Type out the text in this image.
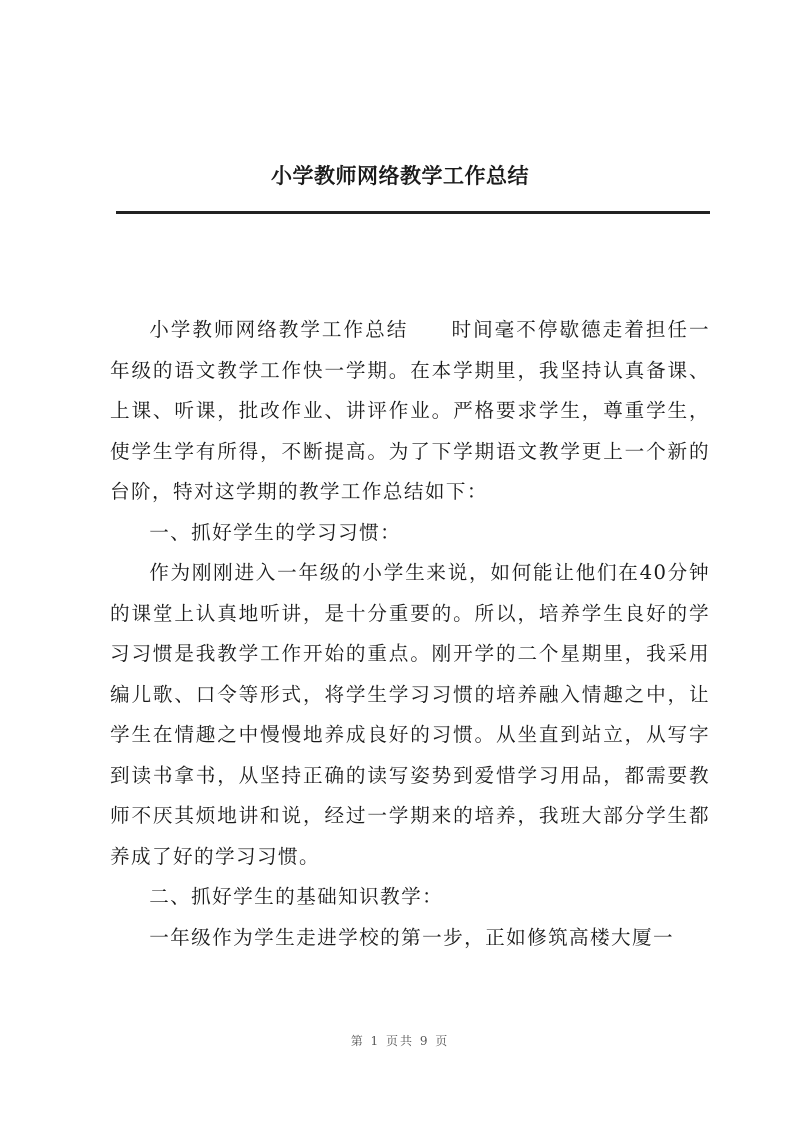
小学教师网络教学工作总结

小学教师网络教学工作总结　　时间毫不停歇德走着担任一年级的语文教学工作快一学期。在本学期里，我坚持认真备课、上课、听课，批改作业、讲评作业。严格要求学生，尊重学生，使学生学有所得，不断提高。为了下学期语文教学更上一个新的台阶，特对这学期的教学工作总结如下：

一、抓好学生的学习习惯：

作为刚刚进入一年级的小学生来说，如何能让他们在40分钟的课堂上认真地听讲，是十分重要的。所以，培养学生良好的学习习惯是我教学工作开始的重点。刚开学的二个星期里，我采用编儿歌、口令等形式，将学生学习习惯的培养融入情趣之中，让学生在情趣之中慢慢地养成良好的习惯。从坐直到站立，从写字到读书拿书，从坚持正确的读写姿势到爱惜学习用品，都需要教师不厌其烦地讲和说，经过一学期来的培养，我班大部分学生都养成了好的学习习惯。

二、抓好学生的基础知识教学：

一年级作为学生走进学校的第一步，正如修筑高楼大厦一

第 1 页共 9 页
